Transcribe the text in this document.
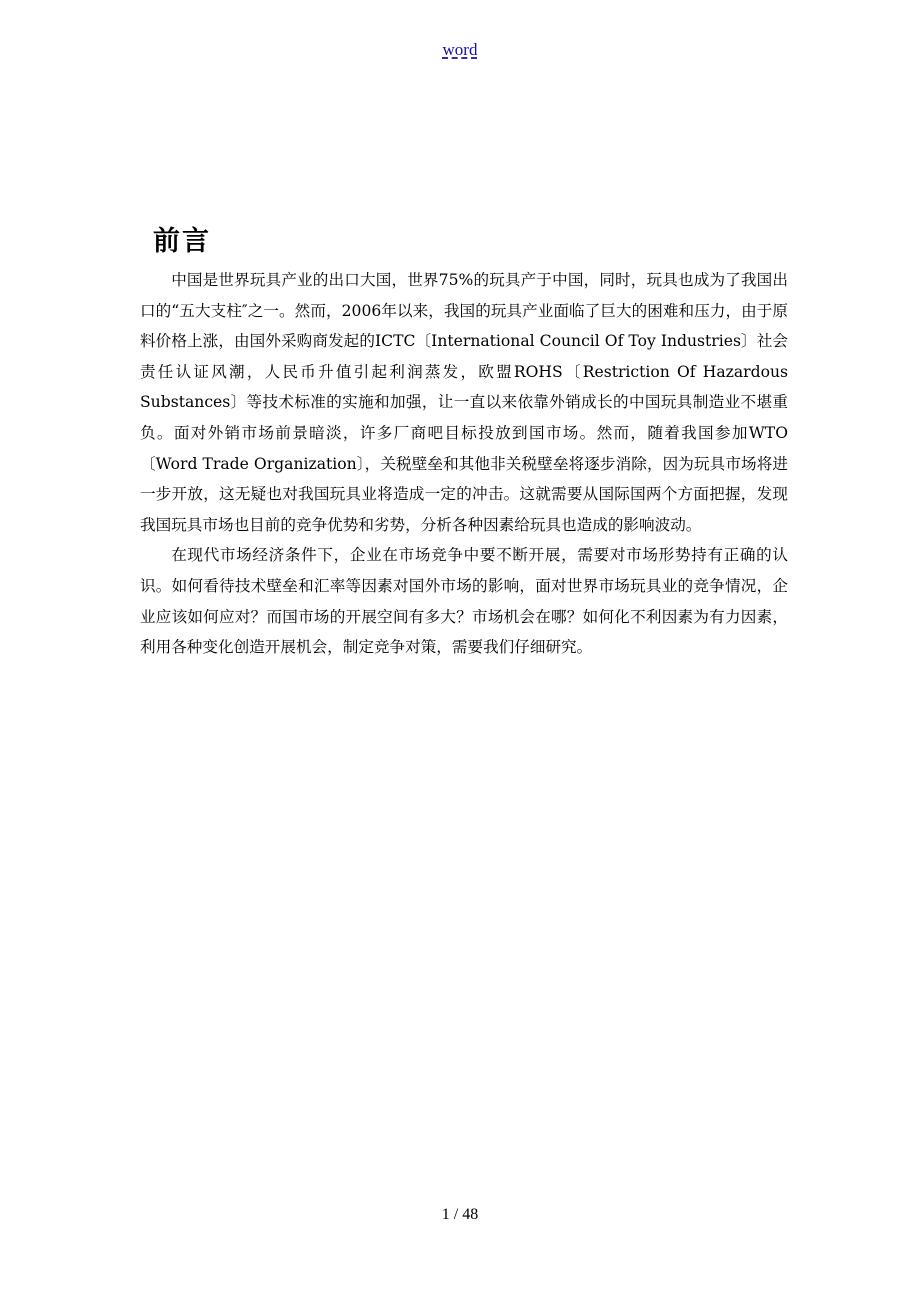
word
前言

中国是世界玩具产业的出口大国，世界75%的玩具产于中国，同时，玩具也成为了我国出口的“五大支柱″之一。然而，2006年以来，我国的玩具产业面临了巨大的困难和压力，由于原料价格上涨，由国外采购商发起的ICTC〔International Council Of Toy Industries〕社会责任认证风潮，人民币升值引起利润蒸发，欧盟ROHS〔Restriction Of Hazardous Substances〕等技术标准的实施和加强，让一直以来依靠外销成长的中国玩具制造业不堪重负。面对外销市场前景暗淡，许多厂商吧目标投放到国市场。然而，随着我国参加WTO〔Word Trade Organization〕，关税壁垒和其他非关税壁垒将逐步消除，因为玩具市场将进一步开放，这无疑也对我国玩具业将造成一定的冲击。这就需要从国际国两个方面把握，发现我国玩具市场也目前的竞争优势和劣势，分析各种因素给玩具也造成的影响波动。

在现代市场经济条件下，企业在市场竞争中要不断开展，需要对市场形势持有正确的认识。如何看待技术壁垒和汇率等因素对国外市场的影响，面对世界市场玩具业的竞争情况，企业应该如何应对？而国市场的开展空间有多大？市场机会在哪？如何化不利因素为有力因素，利用各种变化创造开展机会，制定竞争对策，需要我们仔细研究。

1 / 48
